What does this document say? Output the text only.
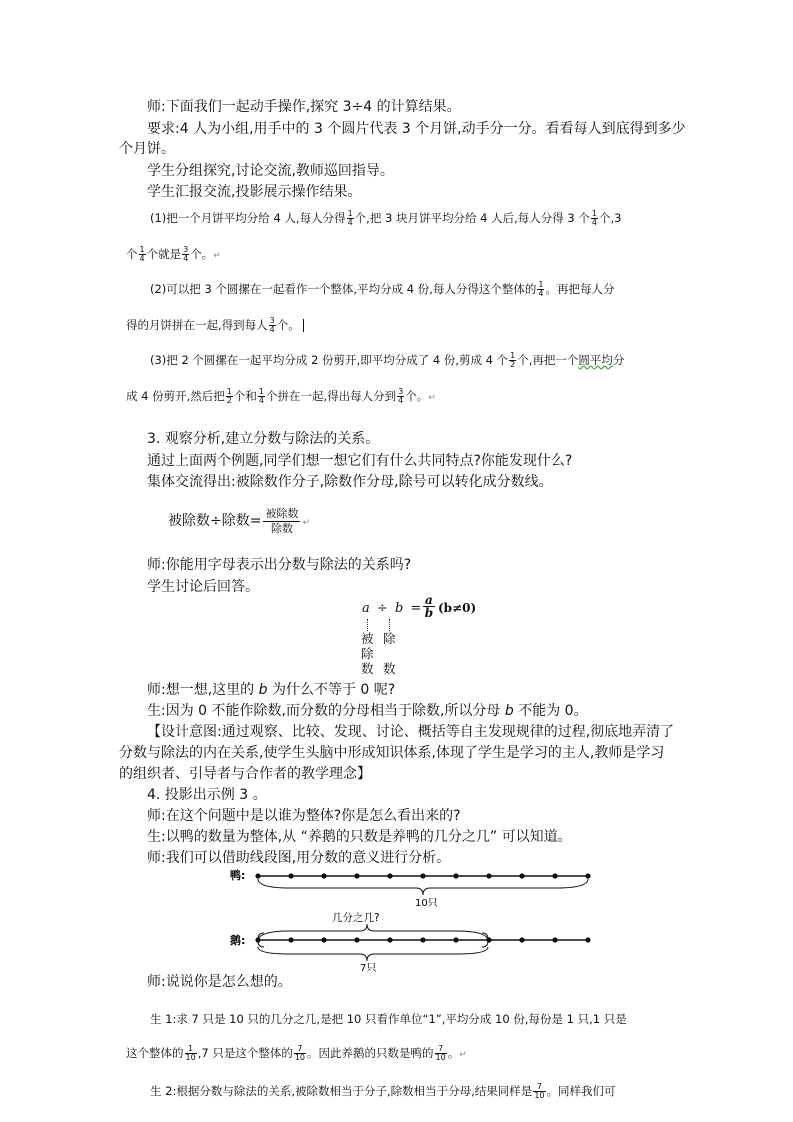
师:下面我们一起动手操作,探究 3÷4 的计算结果。
要求:4 人为小组,用手中的 3 个圆片代表 3 个月饼,动手分一分。看看每人到底得到多少
个月饼。
学生分组探究,讨论交流,教师巡回指导。
学生汇报交流,投影展示操作结果。
(1)把一个月饼平均分给 4 人,每人分得 $\frac{1}{4}$ 个,把 3 块月饼平均分给 4 人后,每人分得 3 个 $\frac{1}{4}$ 个,3
个 $\frac{1}{4}$ 个就是 $\frac{3}{4}$ 个。↵
(2)可以把 3 个圆摞在一起看作一个整体,平均分成 4 份,每人分得这个整体的 $\frac{1}{4}$ 。再把每人分
得的月饼拼在一起,得到每人 $\frac{3}{4}$ 个。
(3)把 2 个圆摞在一起平均分成 2 份剪开,即平均分成了 4 份,剪成 4 个 $\frac{1}{2}$ 个,再把一个圆平均分
成 4 份剪开,然后把 $\frac{1}{2}$ 个和 $\frac{1}{4}$ 个拼在一起,得出每人分到 $\frac{3}{4}$ 个。↵
3. 观察分析,建立分数与除法的关系。
通过上面两个例题,同学们想一想它们有什么共同特点?你能发现什么?
集体交流得出:被除数作分子,除数作分母,除号可以转化成分数线。
被除数÷除数= 被除数
除数	↵
师:你能用字母表示出分数与除法的关系吗?
学生讨论后回答。
a ÷ b =
a
b (b≠0)
被
除
数
除
数
师:想一想,这里的 b 为什么不等于 0 呢?
生:因为 0 不能作除数,而分数的分母相当于除数,所以分母 b 不能为 0。
【设计意图:通过观察、比较、发现、讨论、概括等自主发现规律的过程,彻底地弄清了
分数与除法的内在关系,使学生头脑中形成知识体系,体现了学生是学习的主人,教师是学习
的组织者、引导者与合作者的教学理念】
4. 投影出示例 3 。
师:在这个问题中是以谁为整体?你是怎么看出来的?
生:以鸭的数量为整体,从 “养鹅的只数是养鸭的几分之几” 可以知道。
师:我们可以借助线段图,用分数的意义进行分析。
鸭:
10只
几分之几?
鹅:
7只
师:说说你是怎么想的。
生 1:求 7 只是 10 只的几分之几,是把 10 只看作单位“1”,平均分成 10 份,每份是 1 只,1 只是
这个整体的 $\frac{1}{10} ,7$ 只是这个整体的 $\frac{7}{10}$ 。因此养鹅的只数是鸭的 $\frac{7}{10}$ 。↵
生 2:根据分数与除法的关系,被除数相当于分子,除数相当于分母,结果同样是 $\frac{7}{10}$ 。同样我们可
